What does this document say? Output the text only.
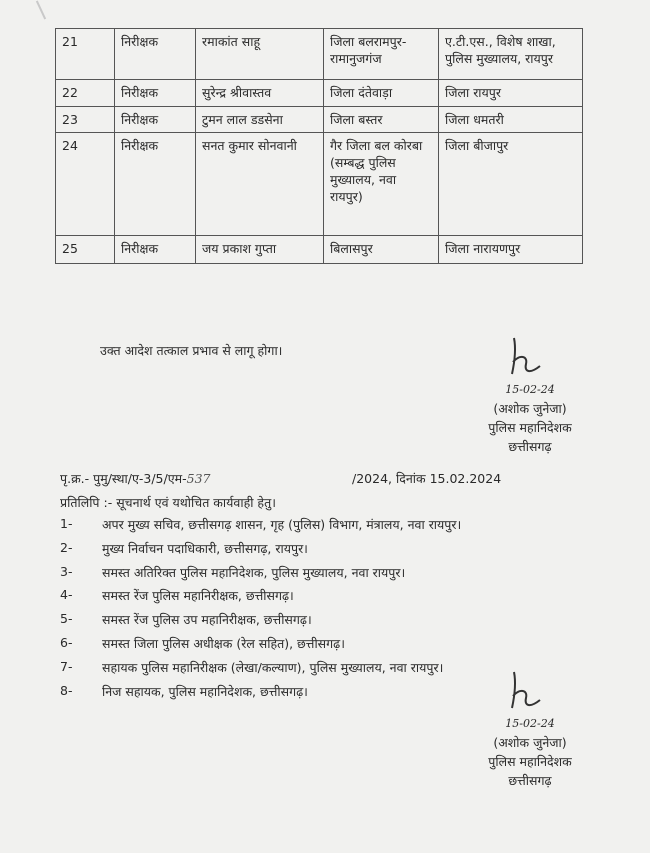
21	निरीक्षक	रमाकांत साहू	जिला बलरामपुर-रामानुजगंज	ए.टी.एस., विशेष शाखा, पुलिस मुख्यालय, रायपुर
22	निरीक्षक	सुरेन्द्र श्रीवास्तव	जिला दंतेवाड़ा	जिला रायपुर
23	निरीक्षक	टुमन लाल डडसेना	जिला बस्तर	जिला धमतरी
24	निरीक्षक	सनत कुमार सोनवानी	गैर जिला बल कोरबा (सम्बद्ध पुलिस मुख्यालय, नवा रायपुर)	जिला बीजापुर
25	निरीक्षक	जय प्रकाश गुप्ता	बिलासपुर	जिला नारायणपुर
उक्त आदेश तत्काल प्रभाव से लागू होगा।
15-02-24
(अशोक जुनेजा)
पुलिस महानिदेशक
छत्तीसगढ़
पृ.क्र.- पुमु/स्था/ए-3/5/एम-537	/2024, दिनांक 15.02.2024
प्रतिलिपि :- सूचनार्थ एवं यथोचित कार्यवाही हेतु।
1-	अपर मुख्य सचिव, छत्तीसगढ़ शासन, गृह (पुलिस) विभाग, मंत्रालय, नवा रायपुर।
2-	मुख्य निर्वाचन पदाधिकारी, छत्तीसगढ़, रायपुर।
3-	समस्त अतिरिक्त पुलिस महानिदेशक, पुलिस मुख्यालय, नवा रायपुर।
4-	समस्त रेंज पुलिस महानिरीक्षक, छत्तीसगढ़।
5-	समस्त रेंज पुलिस उप महानिरीक्षक, छत्तीसगढ़।
6-	समस्त जिला पुलिस अधीक्षक (रेल सहित), छत्तीसगढ़।
7-	सहायक पुलिस महानिरीक्षक (लेखा/कल्याण), पुलिस मुख्यालय, नवा रायपुर।
8-	निज सहायक, पुलिस महानिदेशक, छत्तीसगढ़।
15-02-24
(अशोक जुनेजा)
पुलिस महानिदेशक
छत्तीसगढ़
